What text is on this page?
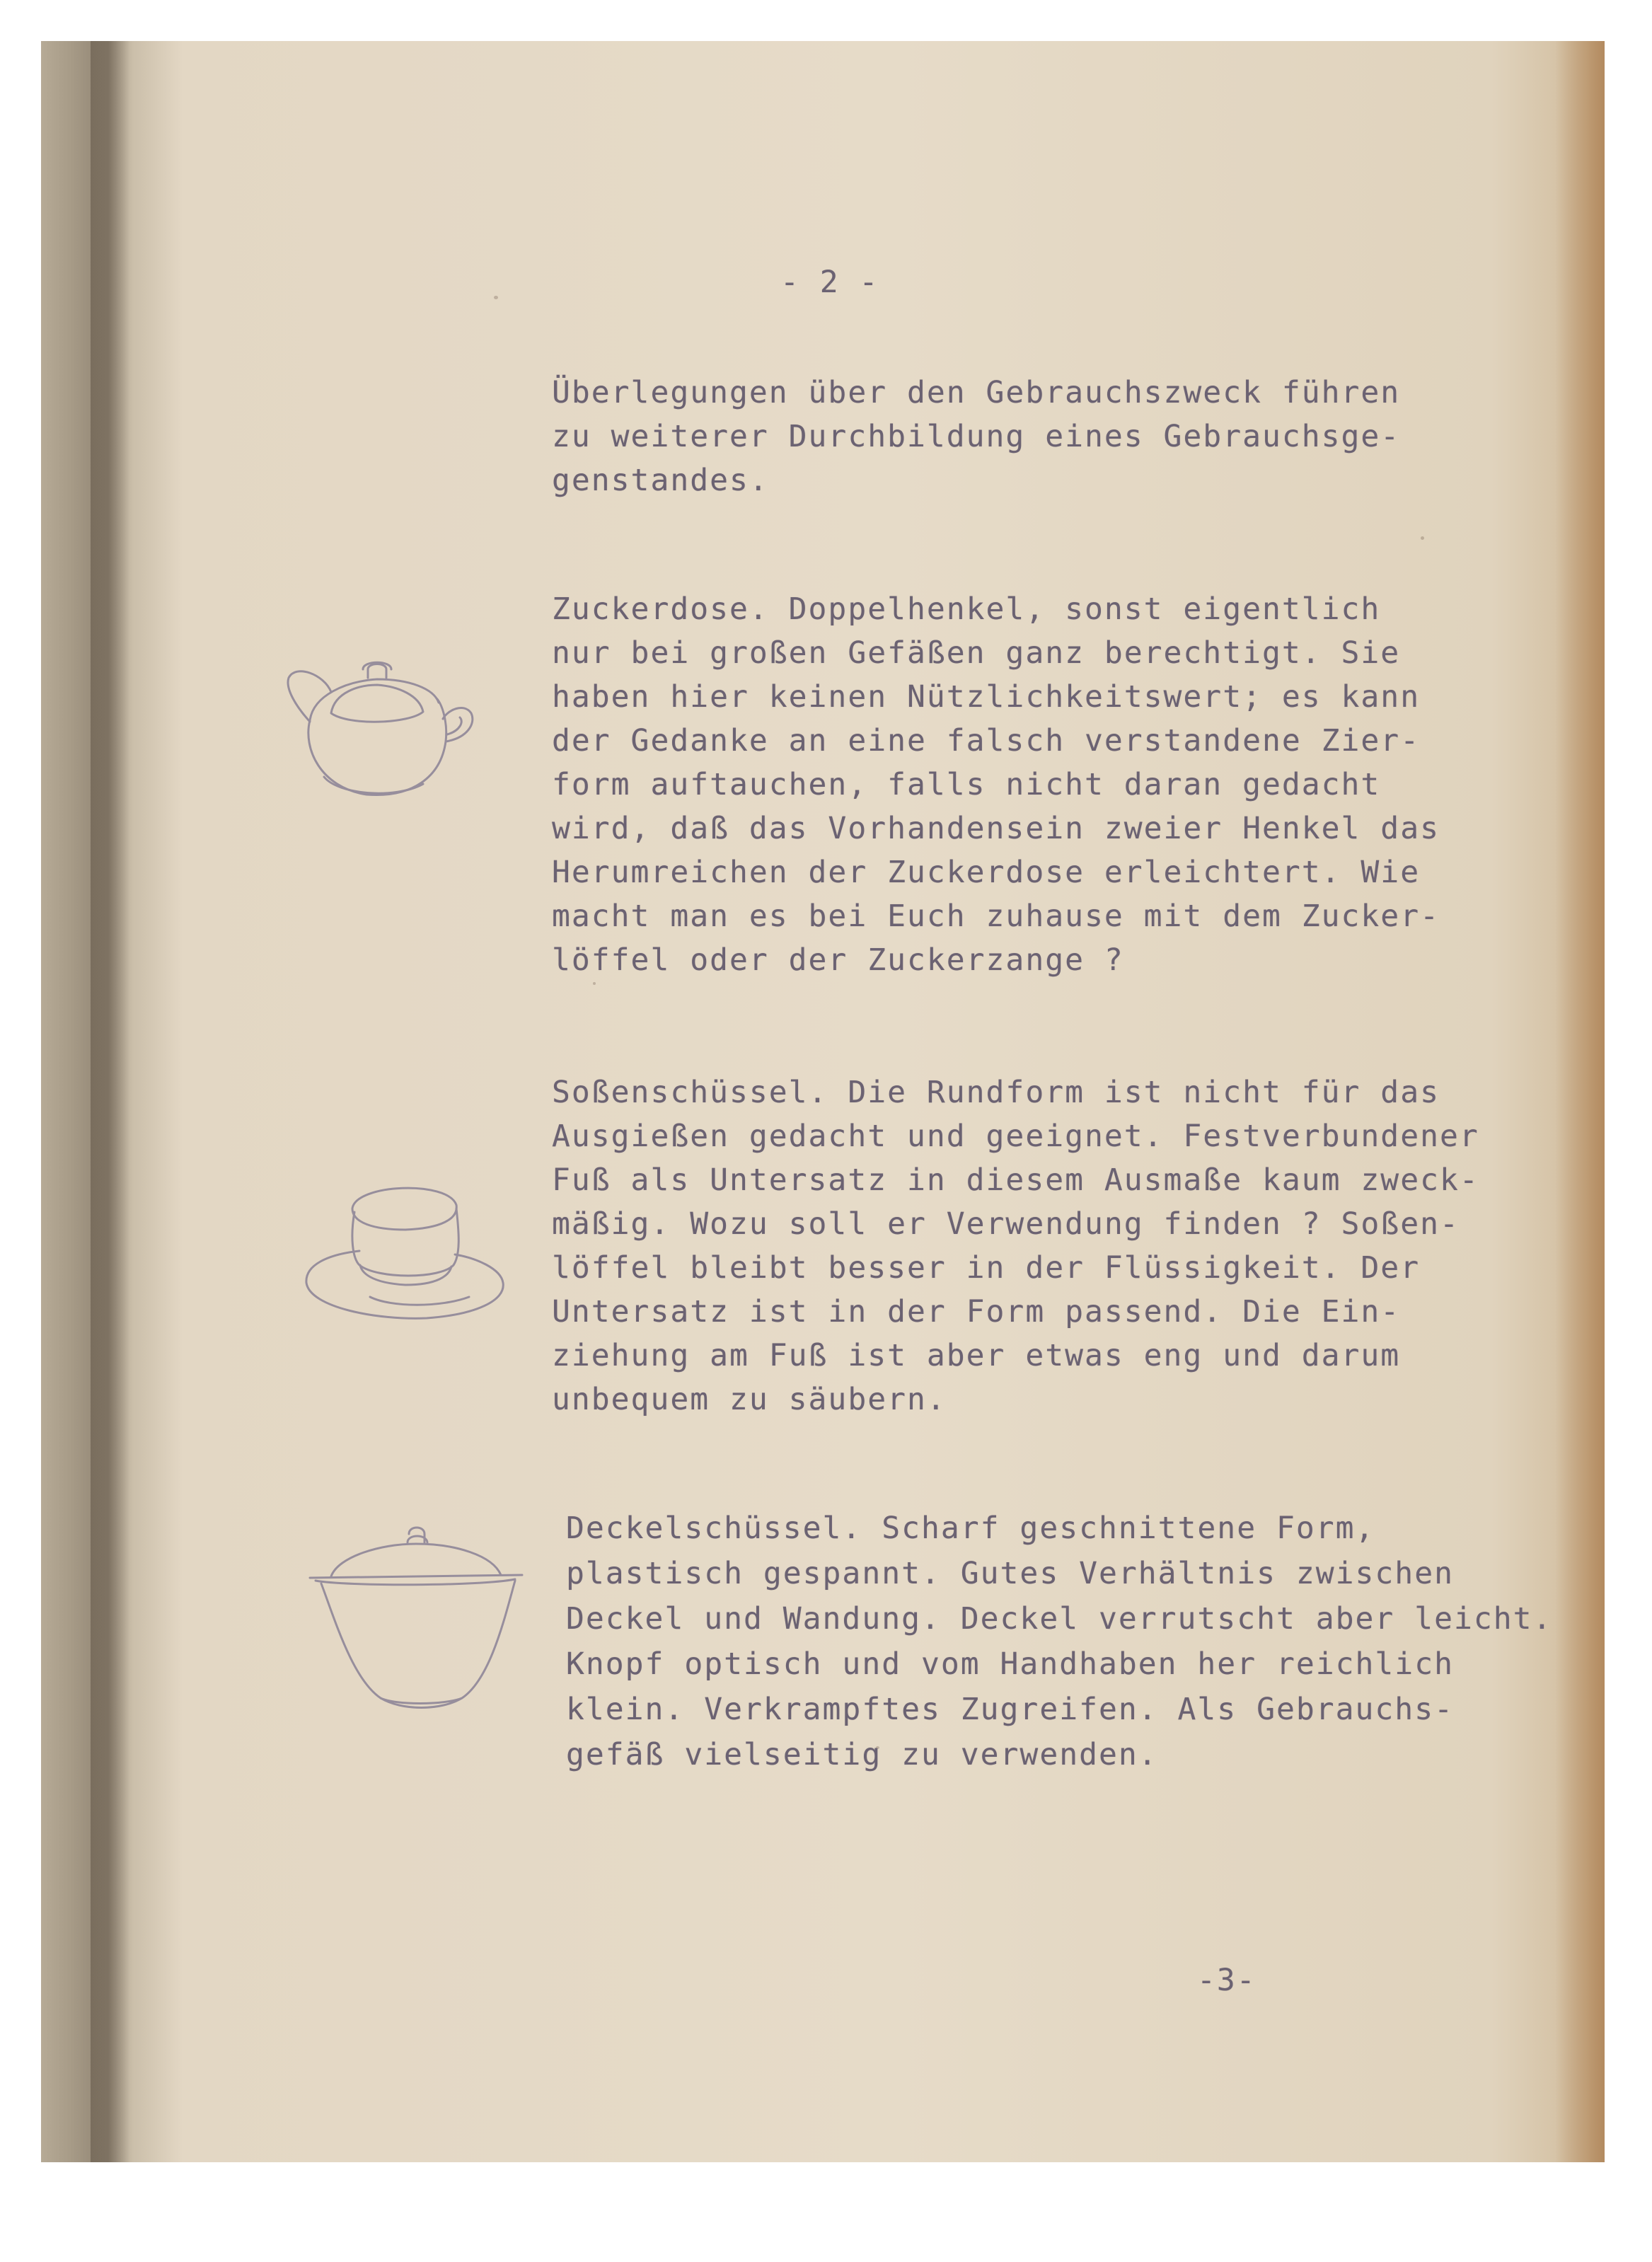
- 2 -

Überlegungen über den Gebrauchszweck führen
zu weiterer Durchbildung eines Gebrauchsge-
genstandes.

Zuckerdose. Doppelhenkel, sonst eigentlich
nur bei großen Gefäßen ganz berechtigt. Sie
haben hier keinen Nützlichkeitswert; es kann
der Gedanke an eine falsch verstandene Zier-
form auftauchen, falls nicht daran gedacht
wird, daß das Vorhandensein zweier Henkel das
Herumreichen der Zuckerdose erleichtert. Wie
macht man es bei Euch zuhause mit dem Zucker-
löffel oder der Zuckerzange ?

Soßenschüssel. Die Rundform ist nicht für das
Ausgießen gedacht und geeignet. Festverbundener
Fuß als Untersatz in diesem Ausmaße kaum zweck-
mäßig. Wozu soll er Verwendung finden ? Soßen-
löffel bleibt besser in der Flüssigkeit. Der
Untersatz ist in der Form passend. Die Ein-
ziehung am Fuß ist aber etwas eng und darum
unbequem zu säubern.

Deckelschüssel. Scharf geschnittene Form,
plastisch gespannt. Gutes Verhältnis zwischen
Deckel und Wandung. Deckel verrutscht aber leicht.
Knopf optisch und vom Handhaben her reichlich
klein. Verkrampftes Zugreifen. Als Gebrauchs-
gefäß vielseitig zu verwenden.

-3-
